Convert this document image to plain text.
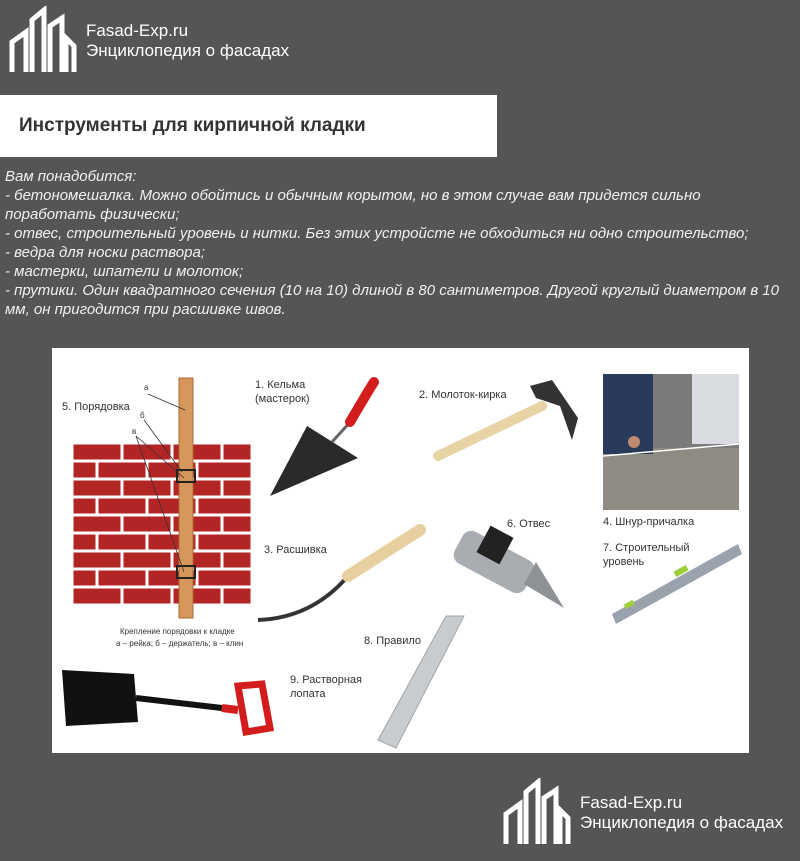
Fasad-Exp.ru
Энциклопедия о фасадах
Инструменты для кирпичной кладки
Вам понадобится:
- бетономешалка. Можно обойтись и обычным корытом, но в этом случае вам придется сильно поработать физически;
- отвес, строительный уровень и нитки. Без этих устройсте не обходиться ни одно строительство;
- ведра для носки раствора;
- мастерки, шпатели и молоток;
- прутики. Один квадратного сечения (10 на 10) длиной в 80 сантиметров. Другой круглый диаметром в 10 мм, он пригодится при расшивке швов.
5. Порядовка
а
б
в
Крепление порядовки к кладке
а – рейка; б – держатель; в – клин
1. Кельма
(мастерок)	2. Молоток-кирка
4. Шнур-причалка
3. Расшивка
6. Отвес
7. Строительный
уровень
8. Правило
9. Растворная
лопата
Fasad-Exp.ru
Энциклопедия о фасадах
